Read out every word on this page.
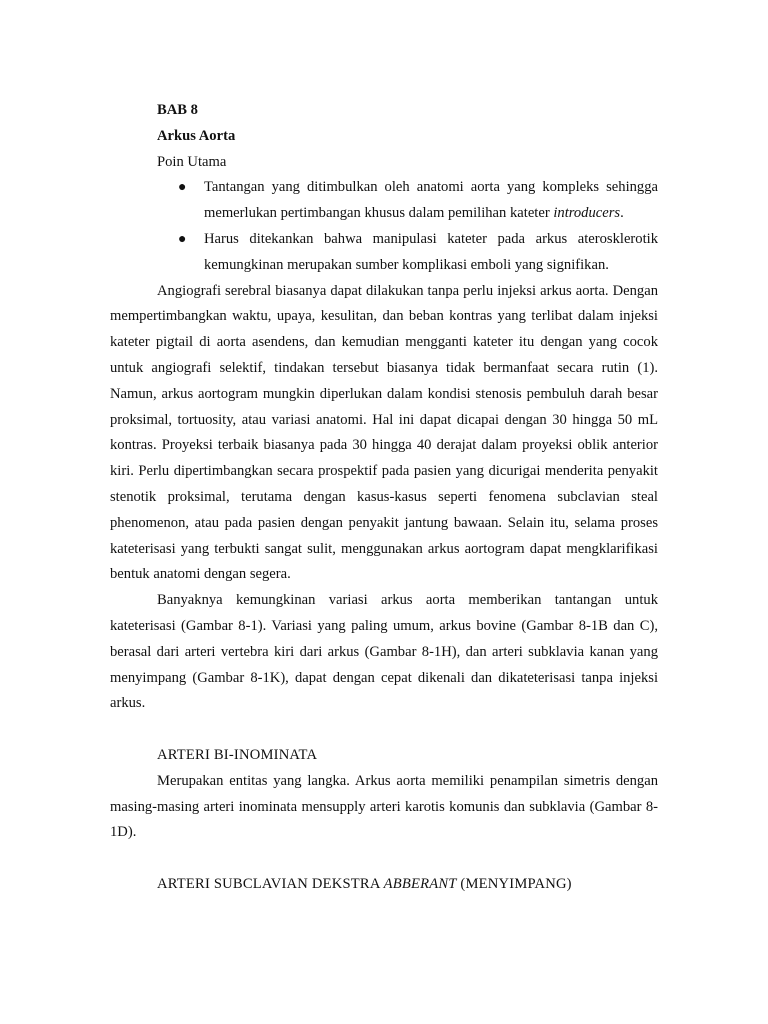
BAB 8
Arkus Aorta
Poin Utama
● Tantangan yang ditimbulkan oleh anatomi aorta yang kompleks sehingga memerlukan pertimbangan khusus dalam pemilihan kateter introducers.
● Harus ditekankan bahwa manipulasi kateter pada arkus aterosklerotik kemungkinan merupakan sumber komplikasi emboli yang signifikan.

Angiografi serebral biasanya dapat dilakukan tanpa perlu injeksi arkus aorta. Dengan mempertimbangkan waktu, upaya, kesulitan, dan beban kontras yang terlibat dalam injeksi kateter pigtail di aorta asendens, dan kemudian mengganti kateter itu dengan yang cocok untuk angiografi selektif, tindakan tersebut biasanya tidak bermanfaat secara rutin (1). Namun, arkus aortogram mungkin diperlukan dalam kondisi stenosis pembuluh darah besar proksimal, tortuosity, atau variasi anatomi. Hal ini dapat dicapai dengan 30 hingga 50 mL kontras. Proyeksi terbaik biasanya pada 30 hingga 40 derajat dalam proyeksi oblik anterior kiri. Perlu dipertimbangkan secara prospektif pada pasien yang dicurigai menderita penyakit stenotik proksimal, terutama dengan kasus-kasus seperti fenomena subclavian steal phenomenon, atau pada pasien dengan penyakit jantung bawaan. Selain itu, selama proses kateterisasi yang terbukti sangat sulit, menggunakan arkus aortogram dapat mengklarifikasi bentuk anatomi dengan segera.

Banyaknya kemungkinan variasi arkus aorta memberikan tantangan untuk kateterisasi (Gambar 8-1). Variasi yang paling umum, arkus bovine (Gambar 8-1B dan C), berasal dari arteri vertebra kiri dari arkus (Gambar 8-1H), dan arteri subklavia kanan yang menyimpang (Gambar 8-1K), dapat dengan cepat dikenali dan dikateterisasi tanpa injeksi arkus.

ARTERI BI-INOMINATA

Merupakan entitas yang langka. Arkus aorta memiliki penampilan simetris dengan masing-masing arteri inominata mensupply arteri karotis komunis dan subklavia (Gambar 8-1D).

ARTERI SUBCLAVIAN DEKSTRA ABBERANT (MENYIMPANG)
